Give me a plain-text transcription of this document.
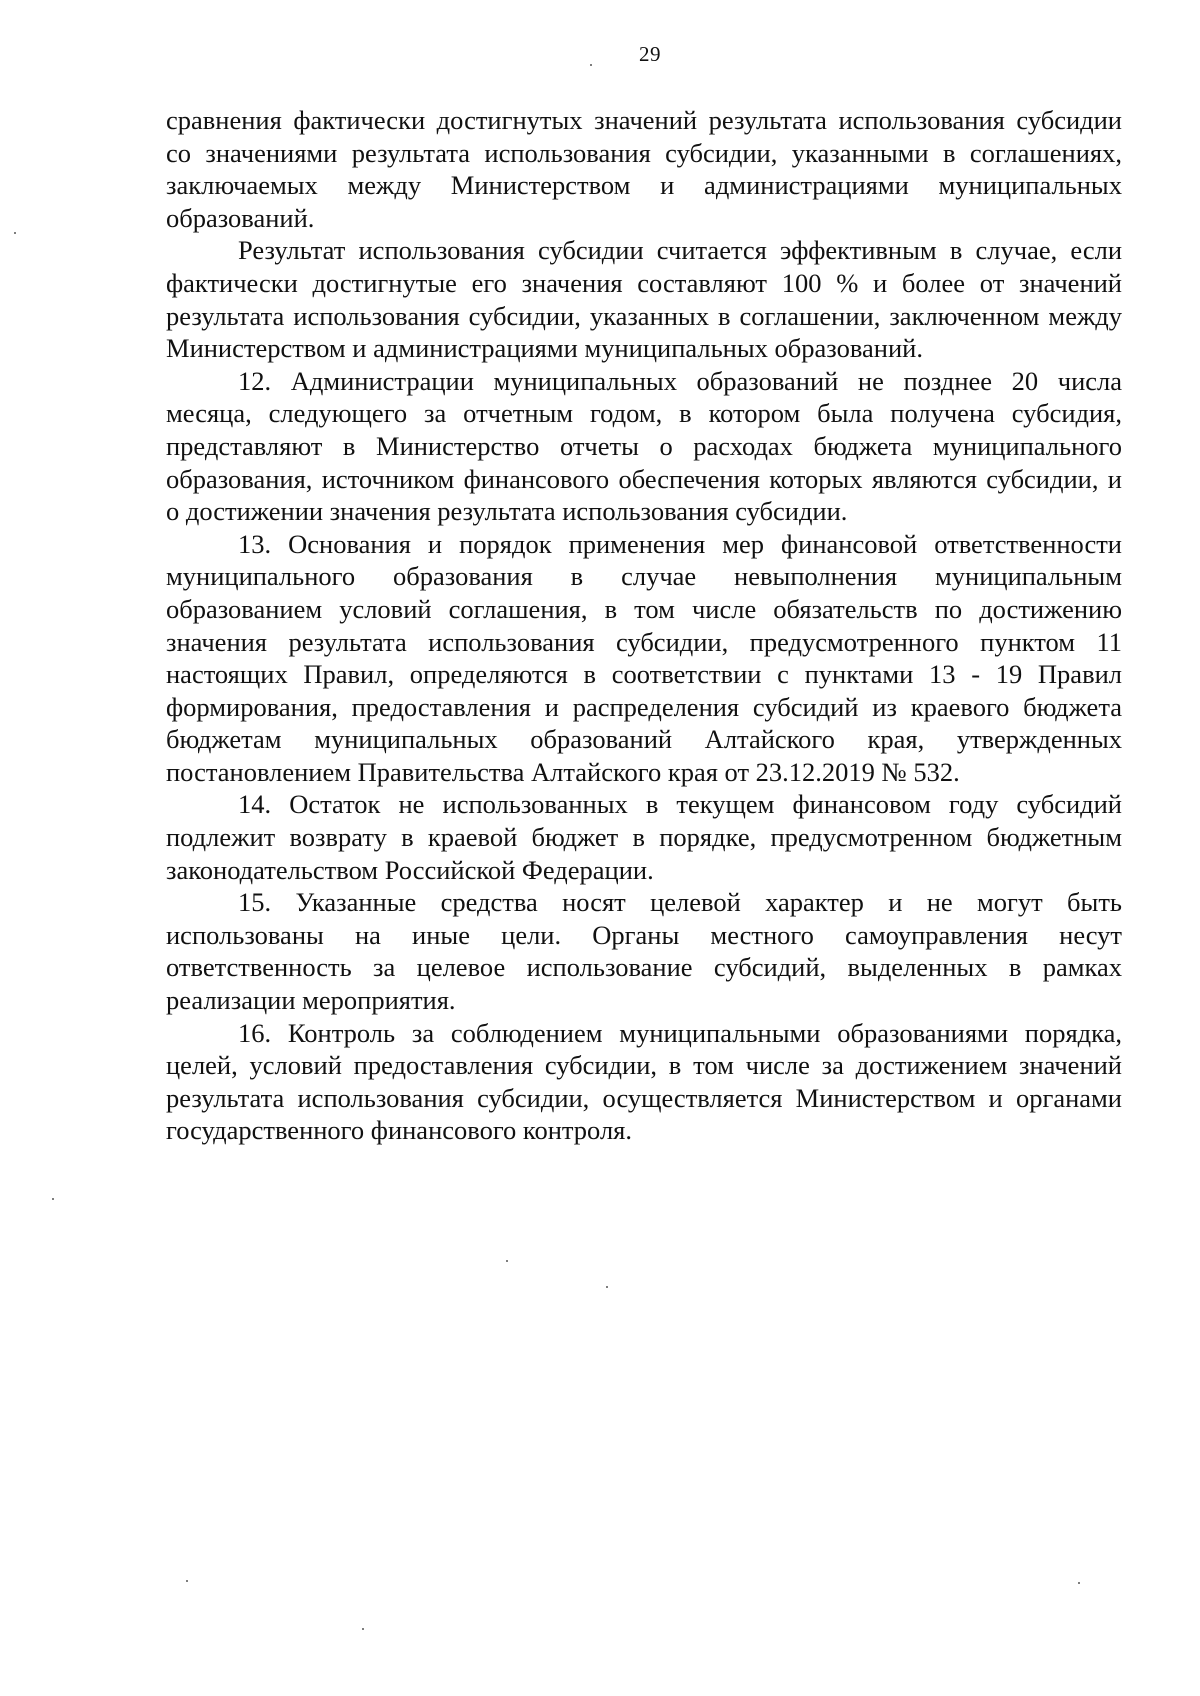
29

сравнения фактически достигнутых значений результата использования субсидии со значениями результата использования субсидии, указанными в соглашениях, заключаемых между Министерством и администрациями муниципальных образований.

Результат использования субсидии считается эффективным в случае, если фактически достигнутые его значения составляют 100 % и более от значений результата использования субсидии, указанных в соглашении, заключенном между Министерством и администрациями муниципальных образований.

12. Администрации муниципальных образований не позднее 20 числа месяца, следующего за отчетным годом, в котором была получена субсидия, представляют в Министерство отчеты о расходах бюджета муниципального образования, источником финансового обеспечения которых являются субсидии, и о достижении значения результата использования субсидии.

13. Основания и порядок применения мер финансовой ответственности муниципального образования в случае невыполнения муниципальным образованием условий соглашения, в том числе обязательств по достижению значения результата использования субсидии, предусмотренного пунктом 11 настоящих Правил, определяются в соответствии с пунктами 13 - 19 Правил формирования, предоставления и распределения субсидий из краевого бюджета бюджетам муниципальных образований Алтайского края, утвержденных постановлением Правительства Алтайского края от 23.12.2019 № 532.

14. Остаток не использованных в текущем финансовом году субсидий подлежит возврату в краевой бюджет в порядке, предусмотренном бюджетным законодательством Российской Федерации.

15. Указанные средства носят целевой характер и не могут быть использованы на иные цели. Органы местного самоуправления несут ответственность за целевое использование субсидий, выделенных в рамках реализации мероприятия.

16. Контроль за соблюдением муниципальными образованиями порядка, целей, условий предоставления субсидии, в том числе за достижением значений результата использования субсидии, осуществляется Министерством и органами государственного финансового контроля.
